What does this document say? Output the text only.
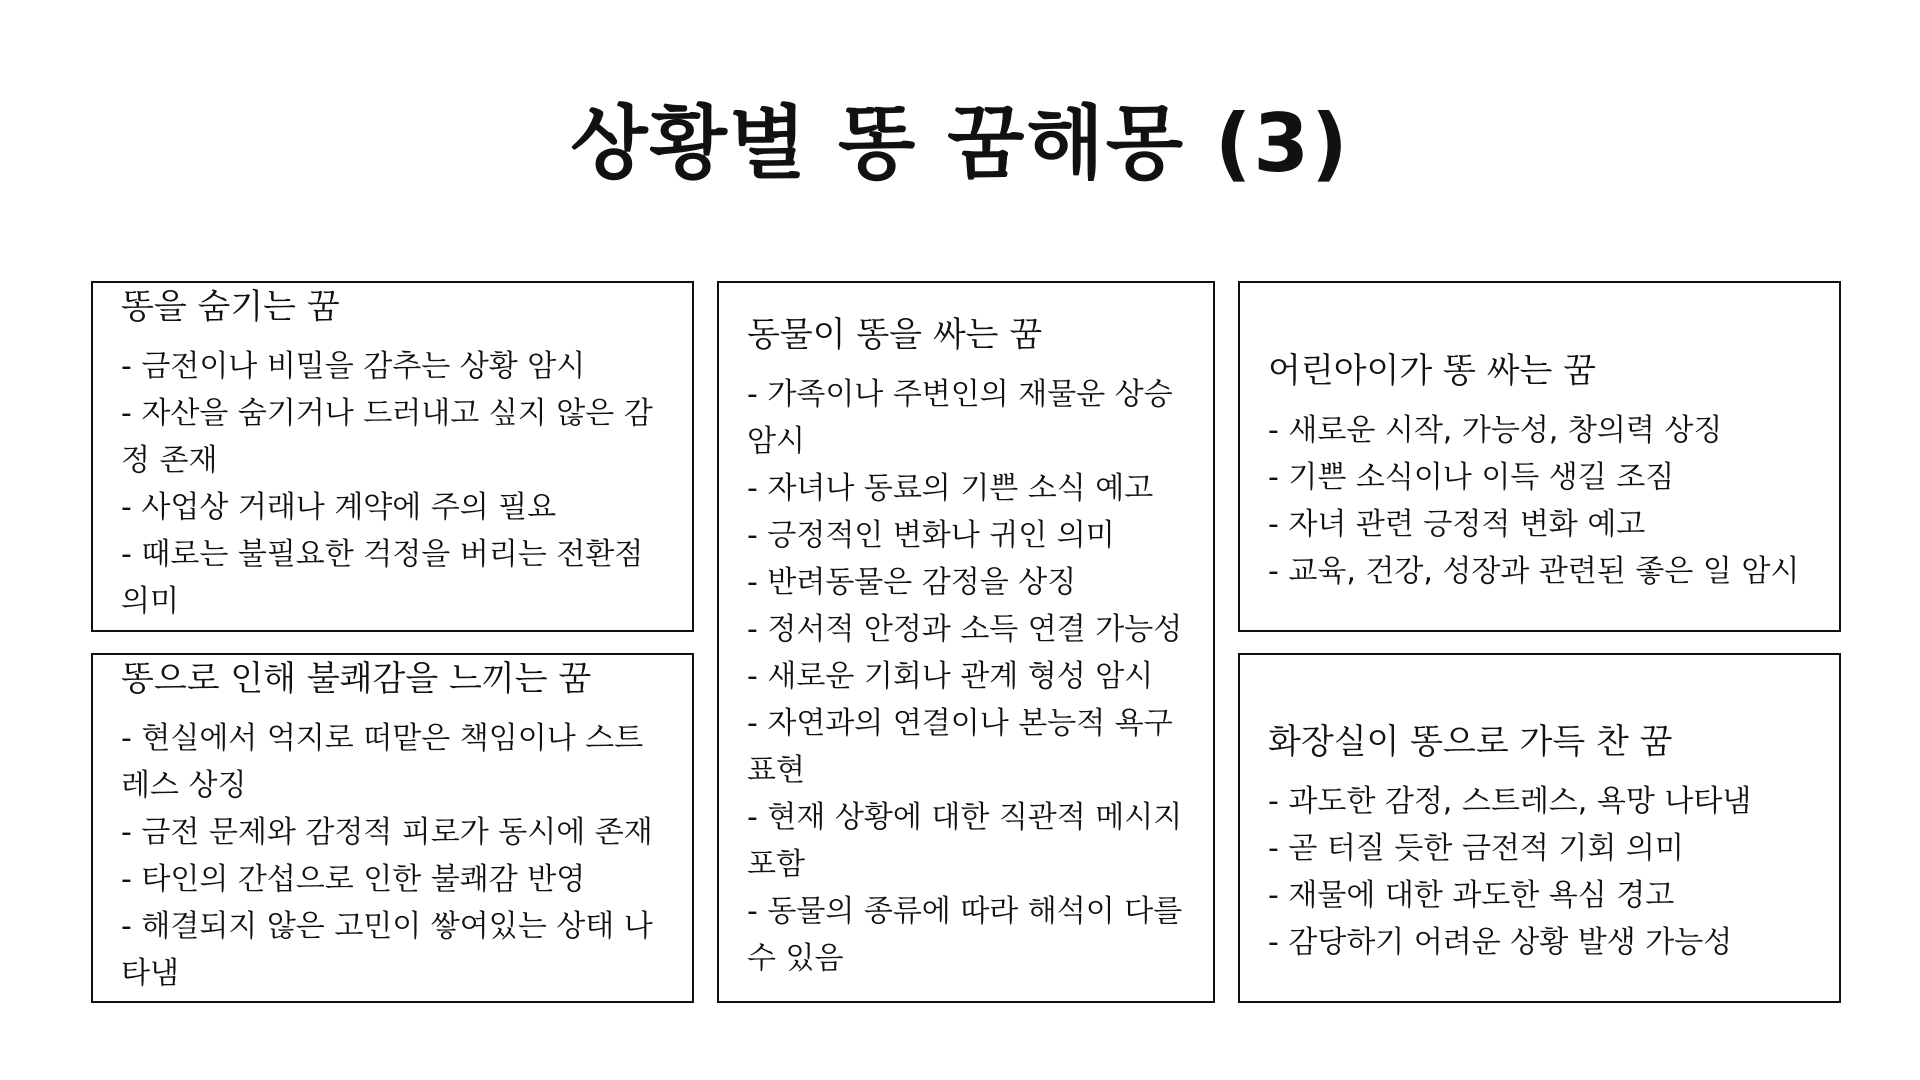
상황별 똥 꿈해몽 (3)
똥을 숨기는 꿈
- 금전이나 비밀을 감추는 상황 암시
- 자산을 숨기거나 드러내고 싶지 않은 감정 존재
- 사업상 거래나 계약에 주의 필요
- 때로는 불필요한 걱정을 버리는 전환점 의미
동물이 똥을 싸는 꿈
- 가족이나 주변인의 재물운 상승 암시
- 자녀나 동료의 기쁜 소식 예고
- 긍정적인 변화나 귀인 의미
- 반려동물은 감정을 상징
- 정서적 안정과 소득 연결 가능성
- 새로운 기회나 관계 형성 암시
- 자연과의 연결이나 본능적 욕구 표현
- 현재 상황에 대한 직관적 메시지 포함
- 동물의 종류에 따라 해석이 다를 수 있음
어린아이가 똥 싸는 꿈
- 새로운 시작, 가능성, 창의력 상징
- 기쁜 소식이나 이득 생길 조짐
- 자녀 관련 긍정적 변화 예고
- 교육, 건강, 성장과 관련된 좋은 일 암시
똥으로 인해 불쾌감을 느끼는 꿈
- 현실에서 억지로 떠맡은 책임이나 스트레스 상징
- 금전 문제와 감정적 피로가 동시에 존재
- 타인의 간섭으로 인한 불쾌감 반영
- 해결되지 않은 고민이 쌓여있는 상태 나타냄
화장실이 똥으로 가득 찬 꿈
- 과도한 감정, 스트레스, 욕망 나타냄
- 곧 터질 듯한 금전적 기회 의미
- 재물에 대한 과도한 욕심 경고
- 감당하기 어려운 상황 발생 가능성
